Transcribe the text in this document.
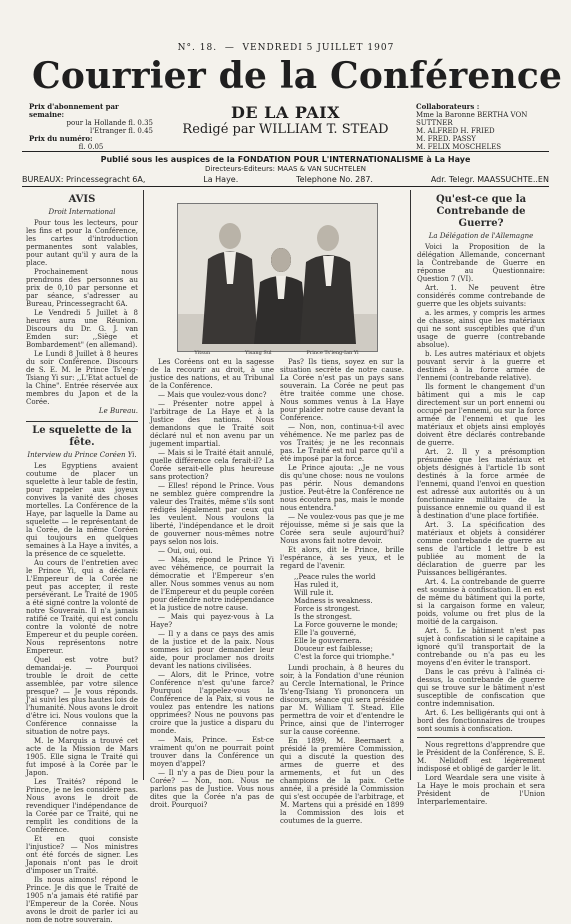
N°. 18.  —  VENDREDI 5 JUILLET 1907
Courrier de la Conférence
Prix d'abonnement par semaine:
pour la Hollande fl. 0.35
l'Etranger fl. 0.45
Prix du numéro:
fl. 0.05
DE LA PAIX
Redigé par WILLIAM T. STEAD
Collaborateurs :
Mme la Baronne BERTHA VON SUTTNER
M. ALFRED H. FRIED
M. FRED. PASSY
M. FELIX MOSCHELES
Publié sous les auspices de la FONDATION POUR L'INTERNATIONALISME à La Haye
Directeurs-Editeurs: MAAS & VAN SUCHTELEN
BUREAUX: Princessegracht 6A,	La Haye.	Telephone No. 287.	Adr. Telegr. MAASSUCHTE..EN
AVIS
Droit International

Pour tous les lecteurs, pour les fins et pour la Conférence, les cartes d'introduction permanentes sont valables, pour autant qu'il y aura de la place.

Prochainement nous prendrons des personnes au prix de 0,10 par personne et par séance, s'adresser au Bureau, Princessegracht 6A.

Le Vendredi 5 Juillet à 8 heures aura une Réunion. Discours du Dr. G. J. van Emden sur: ,,Siège et Bombardement" (en allemand).

Le Lundi 8 Juillet à 8 heures du soir Conférence. Discours de S. E. M. le Prince Ts'eng-Tsiang Yi sur: ,,L'Etat actuel de la Chine". Entrée réservée aux membres du Japon et de la Corée.

Le Bureau.
Le squelette de la fête.
Interview du Prince Coréen Yi.

Les Egyptiens avaient coutume de placer un squelette à leur table de festin, pour rappeler aux joyeux convives la vanité des choses mortelles. La Conférence de la Haye, par laquelle la Dame au squelette — le représentant de la Corée, de la même Coréen qui toujours en quelques semaines à La Haye a invités, a la présence de ce squelette.

Au cours de l'entretien avec le Prince Yi, qui a déclaré: L'Empereur de la Corée ne peut pas accepter, il reste persévérant. Le Traité de 1905 a été signé contre la volonté de notre Souverain. Il n'a jamais ratifié ce Traité, qui est conclu contre la volonté de notre Empereur et du peuple coréen. Nous représentons notre Empereur.

Quel est votre but? demandai-je. — Pourquoi trouble le droit de cette assemblée, par votre silence presque? — Je vous réponds. J'ai suivi les plus hautes lois de l'humanité. Nous avons le droit d'être ici. Nous voulons que la Conférence connaisse la situation de notre pays.

M. le Marquis a trouvé cet acte de la Mission de Mars 1905. Elle signa le Traité qui fut imposé à la Corée par le Japon.

Les Traités? répond le Prince, je ne les considère pas. Nous avons le droit de revendiquer l'indépendance de la Corée par ce Traité, qui ne remplit les conditions de la Conférence.

Et en quoi consiste l'injustice? — Nos ministres ont été forcés de signer. Les Japonais n'ont pas le droit d'imposer un Traité.

Ils nous aimons! répond le Prince. Je dis que le Traité de 1905 n'a jamais été ratifié par l'Empereur de la Corée. Nous avons le droit de parler ici au nom de notre souverain.

Yitsun	Yisang Sul	Prince Ts'ieng-Ian Yi

Les Coréens ont eu la sagesse de la recourir au droit, à une justice des nations, et au Tribunal de la Conférence.

— Mais que voulez-vous donc?

— Présenter notre appel à l'arbitrage de La Haye et à la Justice des nations. Nous demandons que le Traité soit déclaré nul et non avenu par un jugement impartial.

— Mais si le Traité était annulé, quelle différence cela ferait-il? La Corée serait-elle plus heureuse sans protection?

— Elles! répond le Prince. Vous ne semblez guère comprendre la valeur des Traités, même s'ils sont rédigés légalement par ceux qui les veulent. Nous voulons la liberté, l'indépendance et le droit de gouverner nous-mêmes notre pays selon nos lois.

— Oui, oui, oui.

— Mais, répond le Prince Yi avec véhémence, ce pourrait la démocratie et l'Empereur s'en aller. Nous sommes venus au nom de l'Empereur et du peuple coréen pour défendre notre indépendance et la justice de notre cause.

— Mais qui payez-vous à La Haye?

— Il y a dans ce pays des amis de la justice et de la paix. Nous sommes ici pour demander leur aide, pour proclamer nos droits devant les nations civilisées.

— Alors, dit le Prince, votre Conférence n'est qu'une farce? Pourquoi l'appelez-vous la Conférence de la Paix, si vous ne voulez pas entendre les nations opprimées? Nous ne pouvons pas croire que la justice a disparu du monde.

— Mais, Prince. — Est-ce vraiment qu'on ne pourrait point trouver dans la Conférence un moyen d'appel?

— Il n'y a pas de Dieu pour la Corée? — Non, non. Nous ne parlons pas de Justice. Vous nous dites que la Corée n'a pas de droit. Pourquoi?

Pas? Ils tiens, soyez en sur la situation secrète de notre cause. La Corée n'est pas un pays sans souverain. La Corée ne peut pas être traitée comme une chose. Nous sommes venus à La Haye pour plaider notre cause devant la Conférence.

— Non, non, continua-t-il avec véhémence. Ne me parlez pas de vos Traités; je ne les reconnais pas. Le Traité est nul parce qu'il a été imposé par la force.

Le Prince ajouta: ,,Je ne vous dis qu'une chose: nous ne voulons pas périr. Nous demandons justice. Peut-être la Conférence ne nous écoutera pas, mais le monde nous entendra."

— Ne voulez-vous pas que je me réjouisse, même si je sais que la Corée sera seule aujourd'hui? Nous avons fait notre devoir.

Et alors, dit le Prince, brille l'espérance, à ses yeux, et le regard de l'avenir.

,,Peace rules the world
Has ruled it,
Will rule it.
Madness is weakness.
Force is strongest.
Is the strongest.
La Force gouverne le monde;
Elle l'a gouverné,
Elle le gouvernera.
Douceur est faiblesse;
C'est la force qui triomphe."

Lundi prochain, à 8 heures du soir, à la Fondation d'une réunion au Cercle International, le Prince Ts'eng-Tsiang Yi prononcera un discours, séance qui sera présidée par M. William T. Stead. Elle permettra de voir et d'entendre le Prince, ainsi que de l'interroger sur la cause coréenne.

En 1899, M. Beernaert a présidé la première Commission, qui a discuté la question des armes de guerre et des armements, et fut un des champions de la paix. Cette année, il a présidé la Commission qui s'est occupée de l'arbitrage, et M. Martens qui a présidé en 1899 la Commission des lois et coutumes de la guerre.

Qu'est-ce que la Contrebande de Guerre?
La Délégation de l'Allemagne

Voici la Proposition de la délégation Allemande, concernant la Contrebande de Guerre en réponse au Questionnaire: Question 7 (VI).

Art. 1. Ne peuvent être considérés comme contrebande de guerre que les objets suivants:

a. les armes, y compris les armes de chasse, ainsi que les matériaux qui ne sont susceptibles que d'un usage de guerre (contrebande absolue).

b. Les autres matériaux et objets pouvant servir à la guerre et destinés à la force armée de l'ennemi (contrebande relative).

Ils forment le changement d'un bâtiment qui a mis le cap directement sur un port ennemi ou occupé par l'ennemi, ou sur la force armée de l'ennemi et que les matériaux et objets ainsi employés doivent être déclarés contrebande de guerre.

Art. 2. Il y a présomption présumée que les matériaux et objets désignés à l'article 1b sont destinés à la force armée de l'ennemi, quand l'envoi en question est adressé aux autorités ou à un fonctionnaire militaire de la puissance ennemie ou quand il est à destination d'une place fortifiée.

Art. 3. La spécification des matériaux et objets à considérer comme contrebande de guerre au sens de l'article 1 lettre b est publiée au moment de la déclaration de guerre par les Puissances belligérantes.

Art. 4. La contrebande de guerre est soumise à confiscation. Il en est de même du bâtiment qui la porte, si la cargaison forme en valeur, poids, volume ou fret plus de la moitié de la cargaison.

Art. 5. Le bâtiment n'est pas sujet à confiscation si le capitaine a ignoré qu'il transportait de la contrebande ou n'a pas eu les moyens d'en éviter le transport.

Dans le cas prévu à l'alinéa ci-dessus, la contrebande de guerre qui se trouve sur le bâtiment n'est susceptible de confiscation que contre indemnisation.

Art. 6. Les belligérants qui ont à bord des fonctionnaires de troupes sont soumis à confiscation.

Nous regrettons d'apprendre que le Président de la Conférence, S. E. M. Nelidoff est légèrement indisposé et obligé de garder le lit.

Lord Weardale sera une visite à La Haye le mois prochain et sera Président de l'Union Interparlementaire.
